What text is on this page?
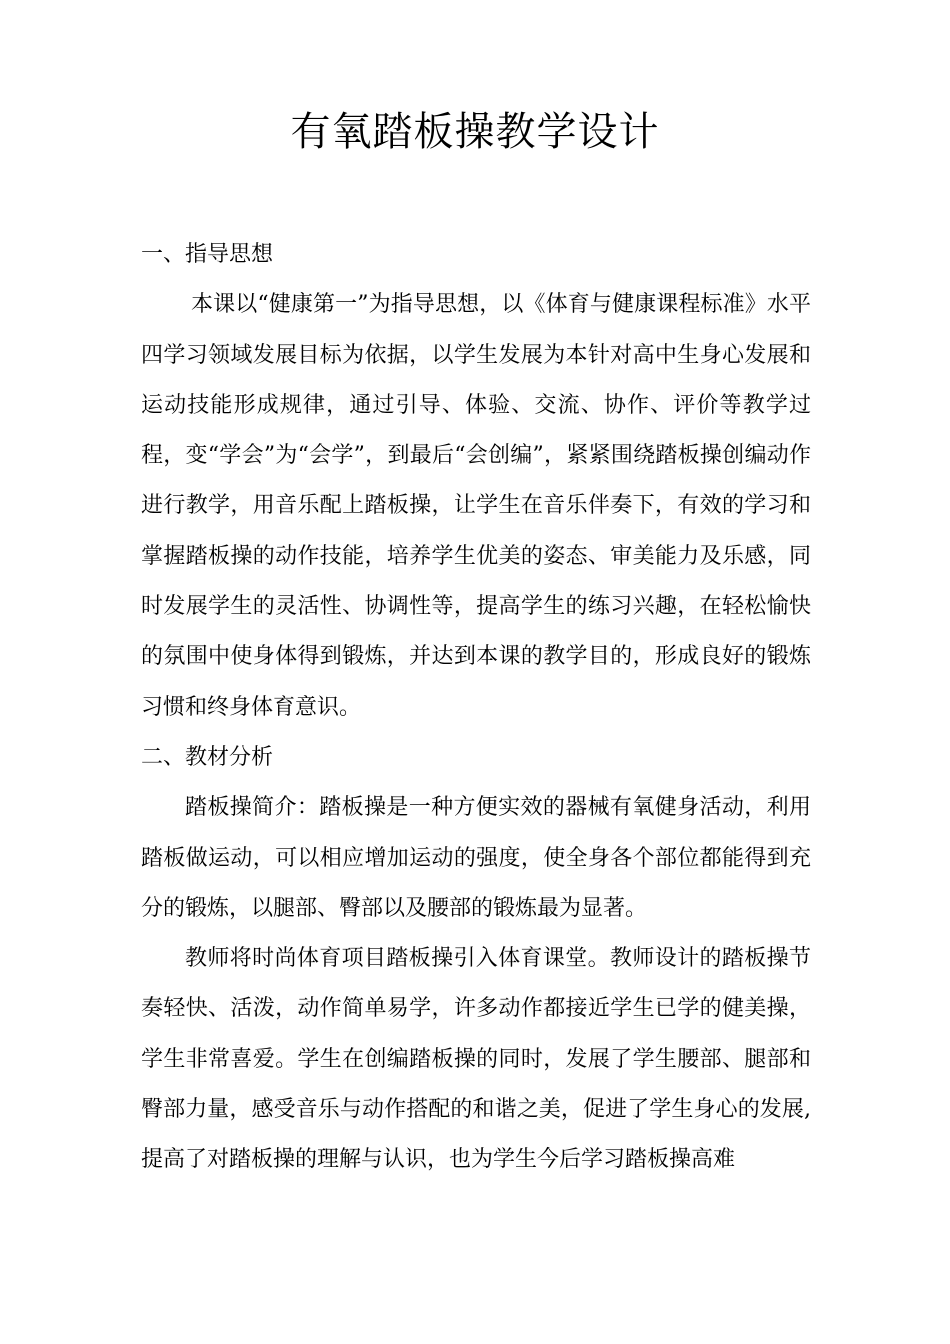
有氧踏板操教学设计
一、指导思想

本课以“健康第一”为指导思想，以《体育与健康课程标准》水平四学习领域发展目标为依据，以学生发展为本针对高中生身心发展和运动技能形成规律，通过引导、体验、交流、协作、评价等教学过程，变“学会”为“会学”，到最后“会创编”，紧紧围绕踏板操创编动作进行教学，用音乐配上踏板操，让学生在音乐伴奏下，有效的学习和掌握踏板操的动作技能，培养学生优美的姿态、审美能力及乐感，同时发展学生的灵活性、协调性等，提高学生的练习兴趣，在轻松愉快的氛围中使身体得到锻炼，并达到本课的教学目的，形成良好的锻炼习惯和终身体育意识。

二、教材分析

踏板操简介：踏板操是一种方便实效的器械有氧健身活动，利用踏板做运动，可以相应增加运动的强度，使全身各个部位都能得到充分的锻炼，以腿部、臀部以及腰部的锻炼最为显著。

教师将时尚体育项目踏板操引入体育课堂。教师设计的踏板操节奏轻快、活泼，动作简单易学，许多动作都接近学生已学的健美操，学生非常喜爱。学生在创编踏板操的同时，发展了学生腰部、腿部和臀部力量，感受音乐与动作搭配的和谐之美，促进了学生身心的发展,提高了对踏板操的理解与认识，也为学生今后学习踏板操高难
